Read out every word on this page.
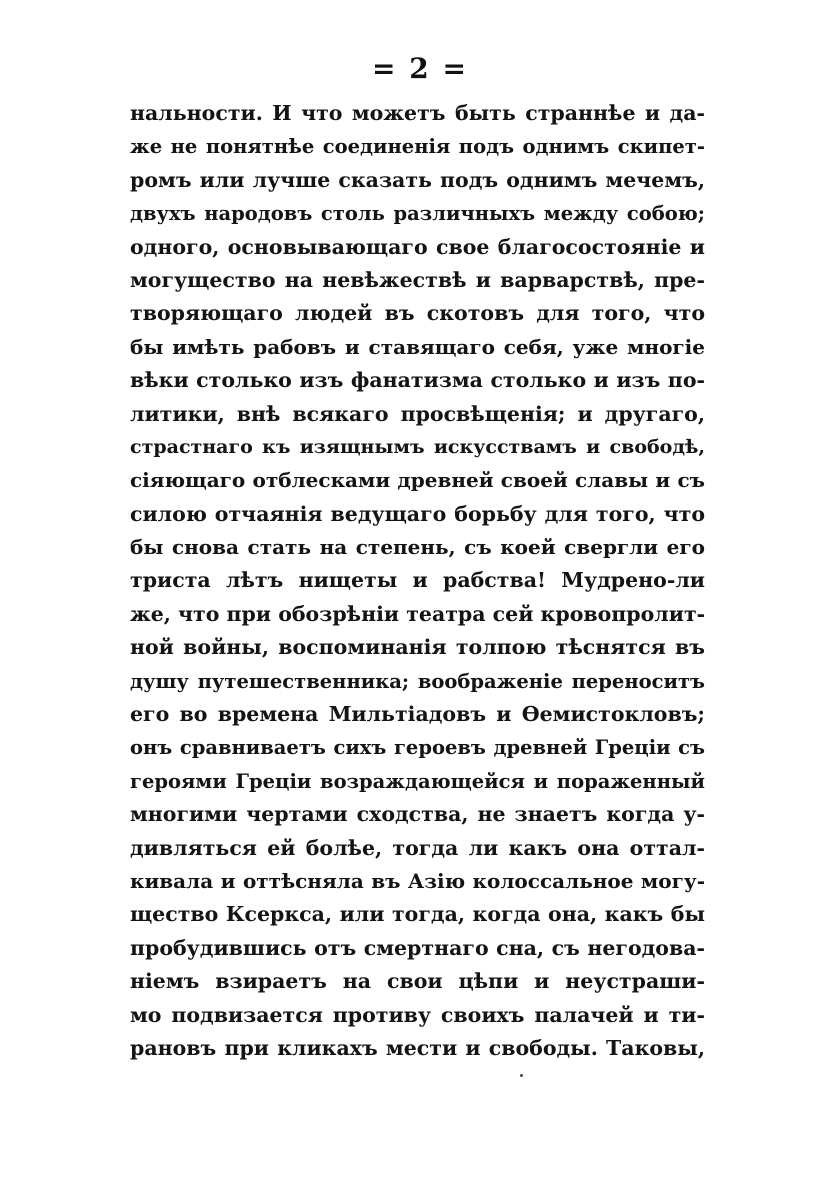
= 2 =
нальности. И что можетъ быть страннѣе и да-
же не понятнѣе соединенія подъ однимъ скипет-
ромъ или лучше сказать подъ однимъ мечемъ,
двухъ народовъ столь различныхъ между собою;
одного, основывающаго свое благосостояніе и
могущество на невѣжествѣ и варварствѣ, пре-
творяющаго людей въ скотовъ для того, что
бы имѣть рабовъ и ставящаго себя, уже многіе
вѣки столько изъ фанатизма столько и изъ по-
литики, внѣ всякаго просвѣщенія; и другаго,
страстнаго къ изящнымъ искусствамъ и свободѣ,
сіяющаго отблесками древней своей славы и съ
силою отчаянія ведущаго борьбу для того, что
бы снова стать на степень, съ коей свергли его
триста лѣтъ нищеты и рабства! Мудрено-ли
же, что при обозрѣніи театра сей кровопролит-
ной войны, воспоминанія толпою тѣснятся въ
душу путешественника; воображеніе переноситъ
его во времена Мильтіадовъ и Ѳемистокловъ;
онъ сравниваетъ сихъ героевъ древней Греціи съ
героями Греціи возраждающейся и пораженный
многими чертами сходства, не знаетъ когда у-
дивляться ей болѣе, тогда ли какъ она оттал-
кивала и оттѣсняла въ Азію колоссальное могу-
щество Ксеркса, или тогда, когда она, какъ бы
пробудившись отъ смертнаго сна, съ негодова-
ніемъ взираетъ на свои цѣпи и неустраши-
мо подвизается противу своихъ палачей и ти-
рановъ при кликахъ мести и свободы. Таковы,
